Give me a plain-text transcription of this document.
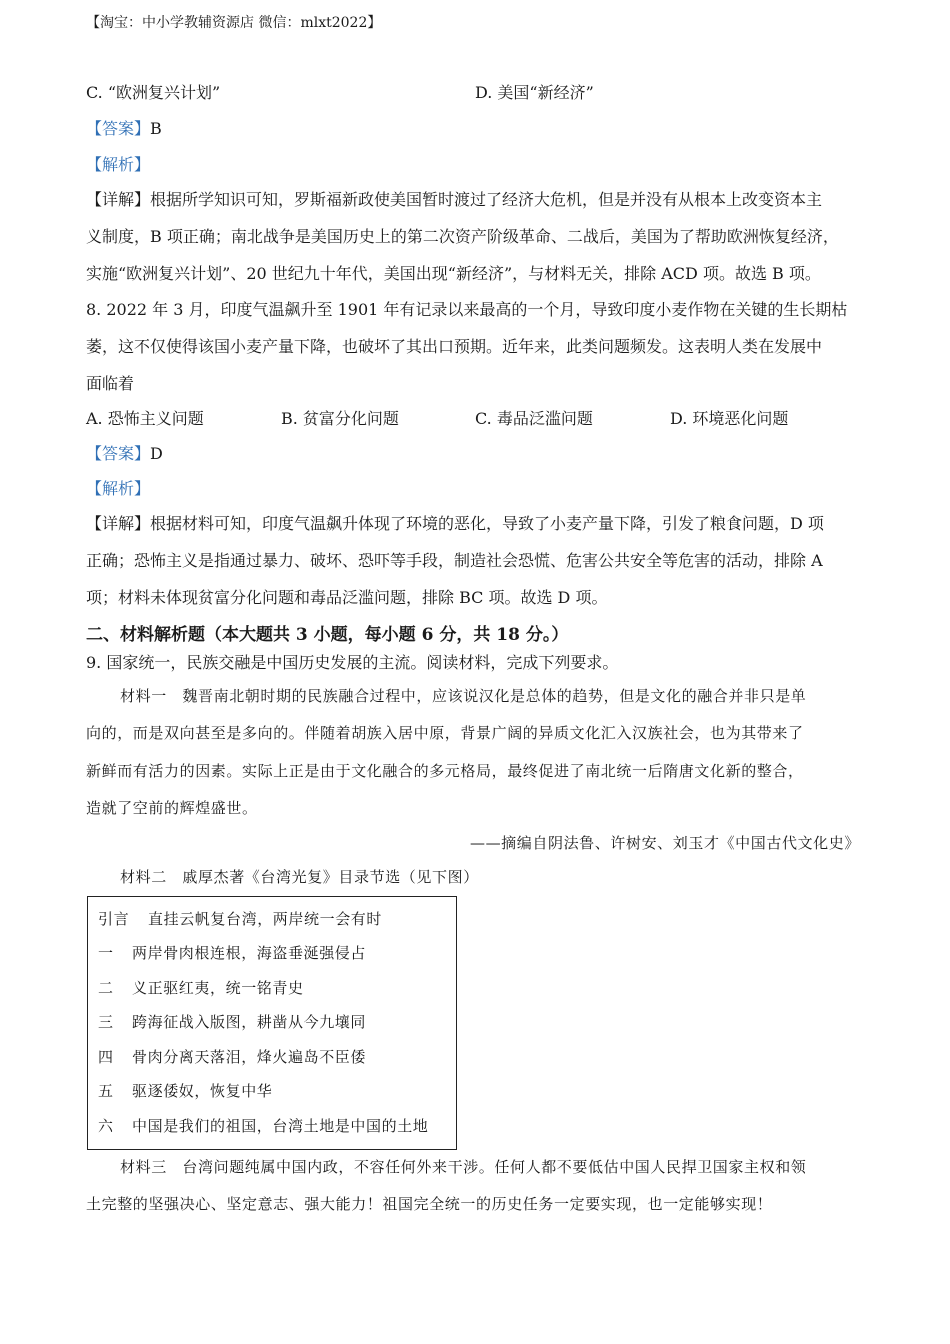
【淘宝：中小学教辅资源店 微信：mlxt2022】
C. “欧洲复兴计划”	D. 美国“新经济”
【答案】B
【解析】
【详解】根据所学知识可知，罗斯福新政使美国暂时渡过了经济大危机，但是并没有从根本上改变资本主
义制度，B 项正确；南北战争是美国历史上的第二次资产阶级革命、二战后，美国为了帮助欧洲恢复经济，
实施“欧洲复兴计划”、20 世纪九十年代，美国出现“新经济”，与材料无关，排除 ACD 项。故选 B 项。
8. 2022 年 3 月，印度气温飙升至 1901 年有记录以来最高的一个月，导致印度小麦作物在关键的生长期枯
萎，这不仅使得该国小麦产量下降，也破坏了其出口预期。近年来，此类问题频发。这表明人类在发展中
面临着
A. 恐怖主义问题	B. 贫富分化问题	C. 毒品泛滥问题	D. 环境恶化问题
【答案】D
【解析】
【详解】根据材料可知，印度气温飙升体现了环境的恶化，导致了小麦产量下降，引发了粮食问题，D 项
正确；恐怖主义是指通过暴力、破坏、恐吓等手段，制造社会恐慌、危害公共安全等危害的活动，排除 A
项；材料未体现贫富分化问题和毒品泛滥问题，排除 BC 项。故选 D 项。
二、材料解析题（本大题共 3 小题，每小题 6 分，共 18 分。）
9. 国家统一，民族交融是中国历史发展的主流。阅读材料，完成下列要求。
材料一　魏晋南北朝时期的民族融合过程中，应该说汉化是总体的趋势，但是文化的融合并非只是单
向的，而是双向甚至是多向的。伴随着胡族入居中原，背景广阔的异质文化汇入汉族社会，也为其带来了
新鲜而有活力的因素。实际上正是由于文化融合的多元格局，最终促进了南北统一后隋唐文化新的整合，
造就了空前的辉煌盛世。
——摘编自阴法鲁、许树安、刘玉才《中国古代文化史》
材料二　戚厚杰著《台湾光复》目录节选（见下图）
引言 直挂云帆复台湾，两岸统一会有时
一 两岸骨肉根连根，海盗垂涎强侵占
二 义正驱红夷，统一铭青史
三 跨海征战入版图，耕凿从今九壤同
四 骨肉分离天落泪，烽火遍岛不臣倭
五 驱逐倭奴，恢复中华
六 中国是我们的祖国，台湾土地是中国的土地
材料三　台湾问题纯属中国内政，不容任何外来干涉。任何人都不要低估中国人民捍卫国家主权和领
土完整的坚强决心、坚定意志、强大能力！祖国完全统一的历史任务一定要实现，也一定能够实现！
